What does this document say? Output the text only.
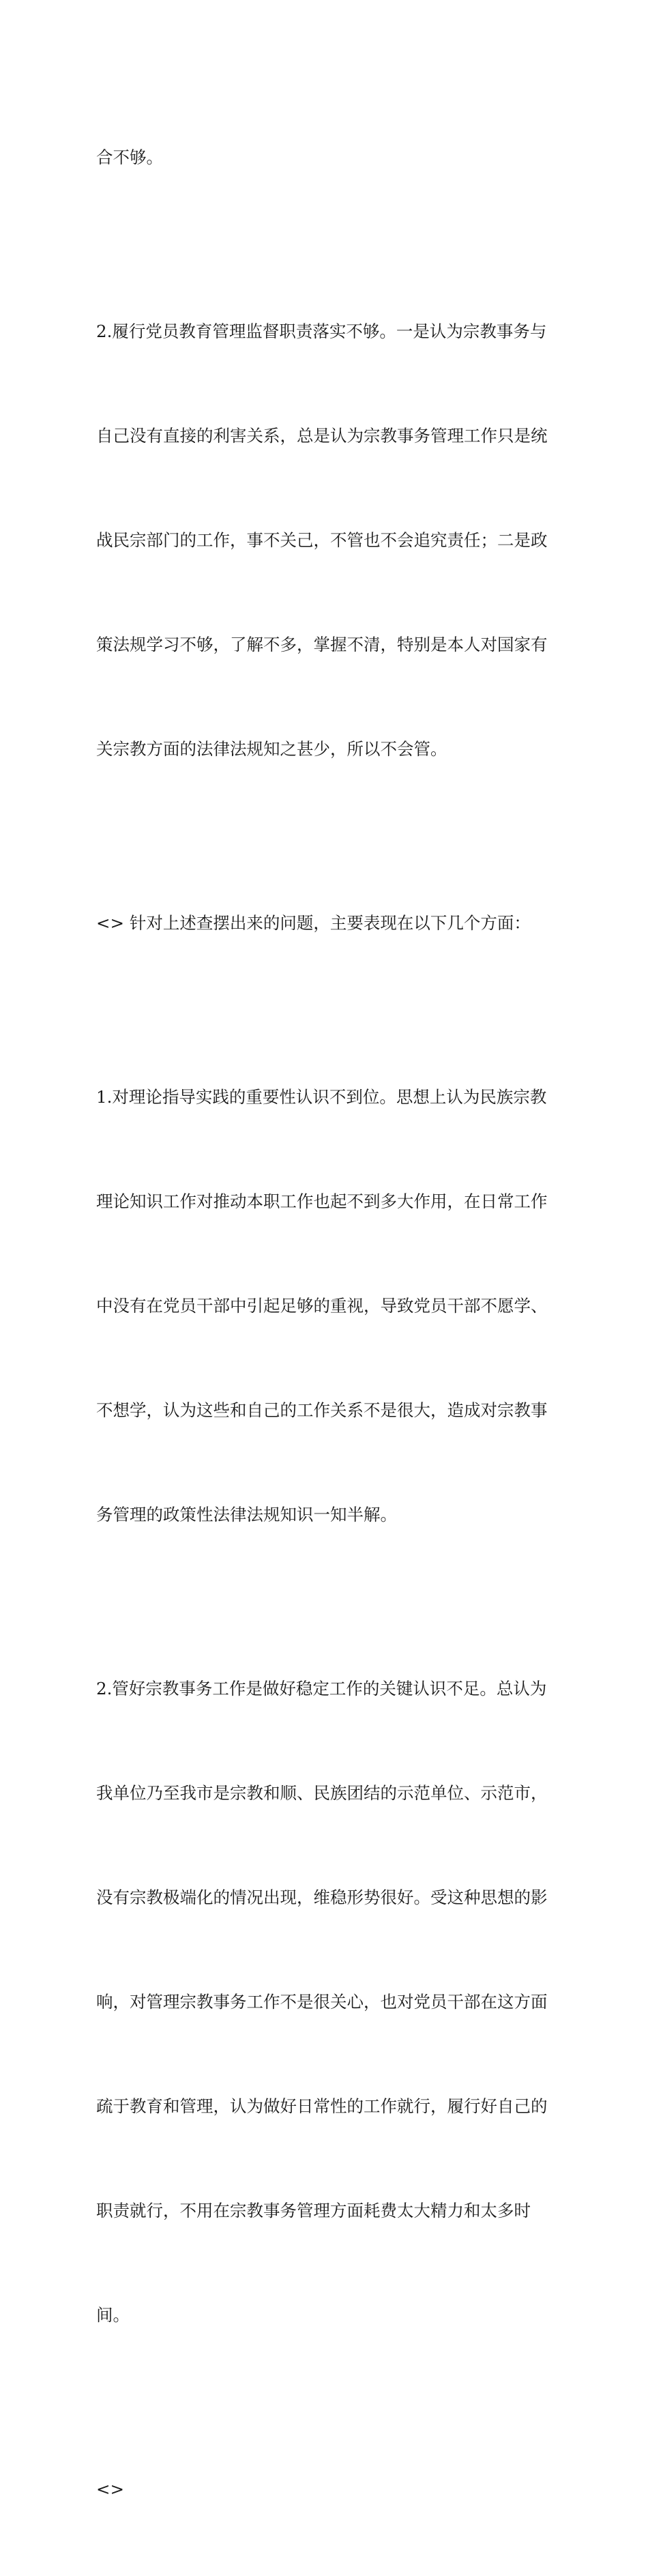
合不够。

2.履行党员教育管理监督职责落实不够。一是认为宗教事务与

自己没有直接的利害关系，总是认为宗教事务管理工作只是统

战民宗部门的工作，事不关己，不管也不会追究责任；二是政

策法规学习不够，了解不多，掌握不清，特别是本人对国家有

关宗教方面的法律法规知之甚少，所以不会管。

<> 针对上述查摆出来的问题，主要表现在以下几个方面：

1.对理论指导实践的重要性认识不到位。思想上认为民族宗教

理论知识工作对推动本职工作也起不到多大作用，在日常工作

中没有在党员干部中引起足够的重视，导致党员干部不愿学、

不想学，认为这些和自己的工作关系不是很大，造成对宗教事

务管理的政策性法律法规知识一知半解。

2.管好宗教事务工作是做好稳定工作的关键认识不足。总认为

我单位乃至我市是宗教和顺、民族团结的示范单位、示范市，

没有宗教极端化的情况出现，维稳形势很好。受这种思想的影

响，对管理宗教事务工作不是很关心，也对党员干部在这方面

疏于教育和管理，认为做好日常性的工作就行，履行好自己的

职责就行，不用在宗教事务管理方面耗费太大精力和太多时

间。

<>
